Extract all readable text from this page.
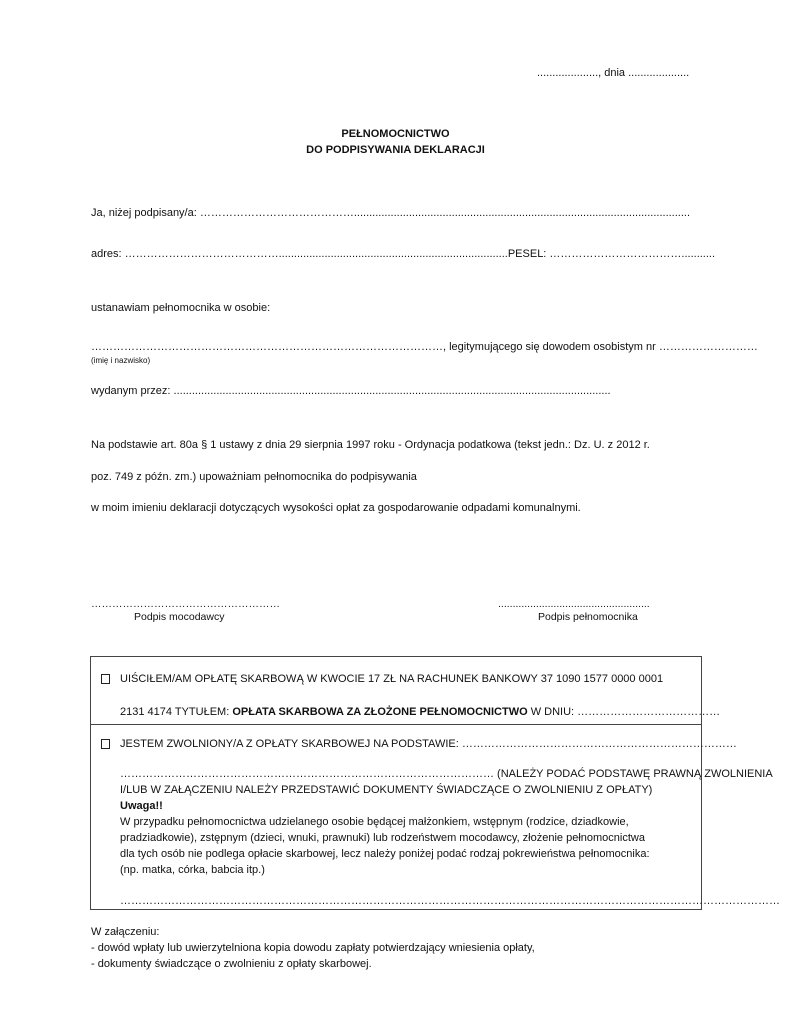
...................., dnia ....................
PEŁNOMOCNICTWO
DO PODPISYWANIA DEKLARACJI
Ja, niżej podpisany/a: ……………………………………..............................................................................................................
adres: ……………………………………...........................................................................PESEL: ………………………………...........
ustanawiam pełnomocnika w osobie:
……………………………………………………………………………………, legitymującego się dowodem osobistym nr ………………………
(imię i nazwisko)
wydanym przez: ...............................................................................................................................................
Na podstawie art. 80a § 1 ustawy z dnia 29 sierpnia 1997 roku - Ordynacja podatkowa (tekst jedn.: Dz. U. z 2012 r.
poz. 749 z późn. zm.) upoważniam pełnomocnika do podpisywania
w moim imieniu deklaracji dotyczących wysokości opłat za gospodarowanie odpadami komunalnymi.
………………………………………………
Podpis mocodawcy
....................................................
Podpis pełnomocnika
UIŚCIŁEM/AM OPŁATĘ SKARBOWĄ W KWOCIE 17 ZŁ NA RACHUNEK BANKOWY 37 1090 1577 0000 0001
2131 4174 TYTUŁEM: OPŁATA SKARBOWA ZA ZŁOŻONE PEŁNOMOCNICTWO W DNIU: …………………………………
JESTEM ZWOLNIONY/A Z OPŁATY SKARBOWEJ NA PODSTAWIE: …………………………………………………………………
………………………………………………………………………………………… (NALEŻY PODAĆ PODSTAWĘ PRAWNĄ ZWOLNIENIA
I/LUB W ZAŁĄCZENIU NALEŻY PRZEDSTAWIĆ DOKUMENTY ŚWIADCZĄCE O ZWOLNIENIU Z OPŁATY)
Uwaga!!
W przypadku pełnomocnictwa udzielanego osobie będącej małżonkiem, wstępnym (rodzice, dziadkowie,
pradziadkowie), zstępnym (dzieci, wnuki, prawnuki) lub rodzeństwem mocodawcy, złożenie pełnomocnictwa
dla tych osób nie podlega opłacie skarbowej, lecz należy poniżej podać rodzaj pokrewieństwa pełnomocnika:
(np. matka, córka, babcia itp.)
………………………………………………………………………………………………………………………………………………………………
W załączeniu:
- dowód wpłaty lub uwierzytelniona kopia dowodu zapłaty potwierdzający wniesienia opłaty,
- dokumenty świadczące o zwolnieniu z opłaty skarbowej.
